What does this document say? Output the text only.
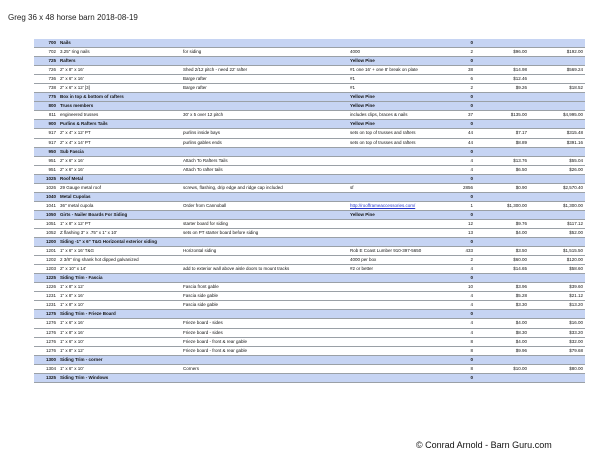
Greg 36 x 48 horse barn 2018-08-19
700	Nails			0		
702	3.25" ring nails	for siding	4000	2	$96.00	$192.00
725	Rafters		Yellow Pine	0		
726	2" x 8" x 16'	Shed 2/12 pitch - need 22' rafter	#1 one 16' + one 8' break on plate	38	$14.98	$569.24
736	2" x 6" x 16'	Barge rafter	#1	6	$12.46	
738	2" x 6" x 12' [3]	Barge rafter	#1	2	$9.26	$18.52
775	Box in top & bottom of rafters		Yellow Pine	0		
800	Truss members		Yellow Pine	0		
811	engineered trusses	30' x 5 over 12 pitch	includes clips, braces & nails	37	$135.00	$4,995.00
900	Purlins & Rafters Tails		Yellow Pine	0		
917	2" x 4" x 12' PT	purlins inside bays	sets on top of trusses and rafters	44	$7.17	$315.48
917	2" x 4" x 14' PT	purlins gables ends	sets on top of trusses and rafters	44	$8.89	$391.16
950	Sub Fascia			0		
951	2" x 6" x 16'	Attach To Rafters Tails		4	$13.76	$55.04
951	2" x 6" x 16'	Attach To rafter tails		4	$6.50	$26.00
1025	Roof Metal			0		
1026	29 Gauge metal roof	screws, flashing, drip edge and ridge cap included	sf	2856	$0.90	$2,570.40
1040	Metal Cupolas			0		
1041	36" metal cupola	Order from Cannoball	http://roofframeaccessories.com/	1	$1,300.00	$1,300.00
1050	Girts - Nailer Boards For Siding		Yellow Pine	0		
1051	1" x 8" x 12' PT	starter board for siding		12	$9.76	$117.12
1052	Z flashing 3" x .75" x 1" x 10'	sets on PT starter board before siding		13	$4.00	$52.00
1200	Siding -1" x 6" T&G Horizontal exterior siding			0		
1201	1" x 6" x 16' T&G	Horizontal siding	Rob E Coast Lumber 910-397-5650	433	$3.50	$1,515.50
1202	2 3/8" ring shank hot dipped galvanized		4000 per box	2	$60.00	$120.00
1203	2" x 10" x 14'	add to exterior wall above aisle doors to mount tracks	#2 or better	4	$14.65	$58.60
1225	Siding Trim - Fascia			0		
1226	1" x 8" x 12'	Fascia front gable		10	$3.96	$39.60
1231	1" x 8" x 16'	Fascia side gable		4	$5.28	$21.12
1231	1" x 8" x 10'	Fascia side gable		4	$3.30	$13.20
1275	Siding Trim - Frieze Board			0		
1276	1" x 6" x 16'	Frieze board - sides		4	$4.00	$16.00
1276	1" x 8" x 16'	Frieze board - sides		4	$8.30	$33.20
1276	1" x 6" x 10'	Frieze board - front & rear gable		8	$4.00	$32.00
1276	1" x 8" x 12'	Frieze board - front & rear gable		8	$9.96	$79.68
1300	Siding Trim - corner			0		
1304	1" x 6" x 10'	Corners		8	$10.00	$80.00
1325	Siding Trim - Windows			0		
© Conrad Arnold - Barn Guru.com
